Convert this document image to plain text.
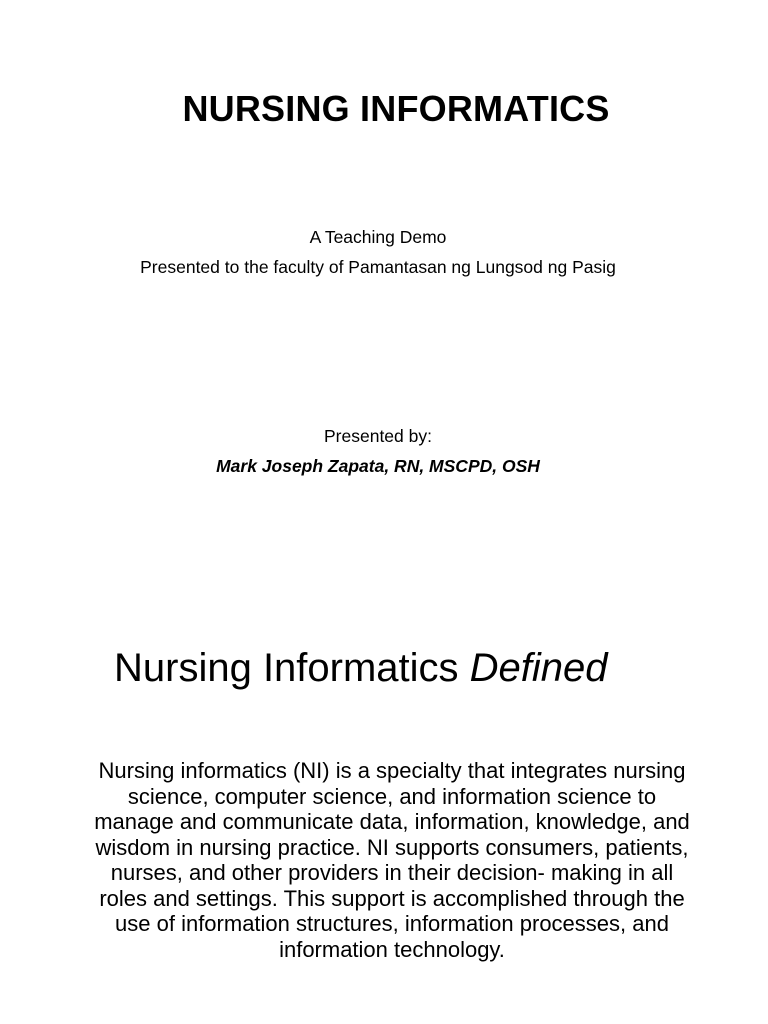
NURSING INFORMATICS
A Teaching Demo
Presented to the faculty of Pamantasan ng Lungsod ng Pasig
Presented by:
Mark Joseph Zapata, RN, MSCPD, OSH
Nursing Informatics Defined
Nursing informatics (NI) is a specialty that integrates nursing science, computer science, and information science to manage and communicate data, information, knowledge, and wisdom in nursing practice. NI supports consumers, patients, nurses, and other providers in their decision- making in all roles and settings. This support is accomplished through the use of information structures, information processes, and information technology.
